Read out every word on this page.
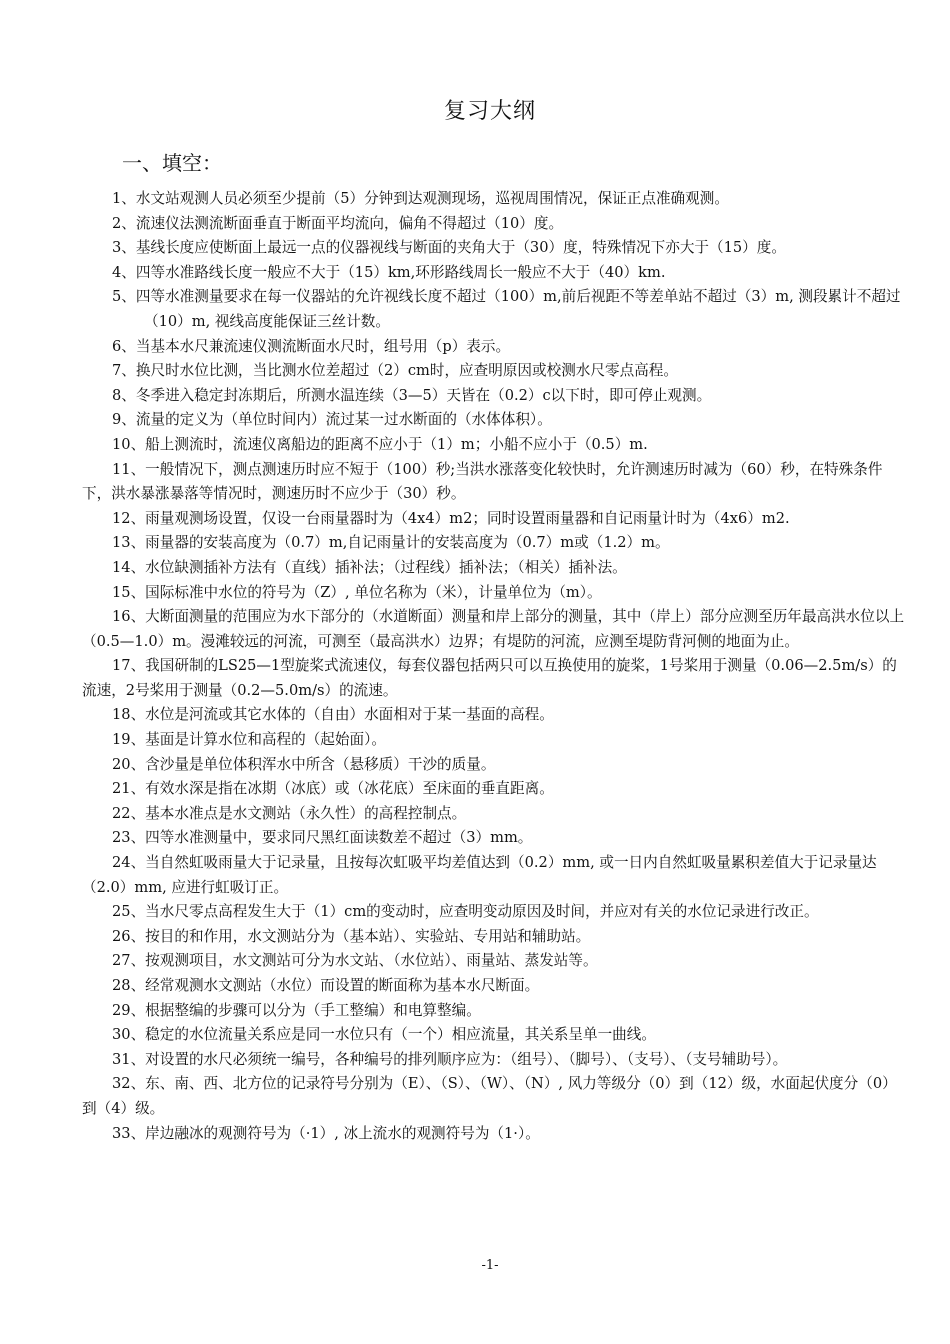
复习大纲
一、填空：

1、水文站观测人员必须至少提前（5）分钟到达观测现场，巡视周围情况，保证正点准确观测。

2、流速仪法测流断面垂直于断面平均流向，偏角不得超过（10）度。

3、基线长度应使断面上最远一点的仪器视线与断面的夹角大于（30）度，特殊情况下亦大于（15）度。

4、四等水准路线长度一般应不大于（15）km,环形路线周长一般应不大于（40）km.

5、四等水准测量要求在每一仪器站的允许视线长度不超过（100）m,前后视距不等差单站不超过（3）m, 测段累计不超过（10）m, 视线高度能保证三丝计数。

6、当基本水尺兼流速仪测流断面水尺时，组号用（p）表示。

7、换尺时水位比测，当比测水位差超过（2）cm时，应查明原因或校测水尺零点高程。

8、冬季进入稳定封冻期后，所测水温连续（3—5）天皆在（0.2）c以下时，即可停止观测。

9、流量的定义为（单位时间内）流过某一过水断面的（水体体积）。

10、船上测流时，流速仪离船边的距离不应小于（1）m；小船不应小于（0.5）m.

11、一般情况下，测点测速历时应不短于（100）秒;当洪水涨落变化较快时，允许测速历时减为（60）秒，在特殊条件下，洪水暴涨暴落等情况时，测速历时不应少于（30）秒。

12、雨量观测场设置，仅设一台雨量器时为（4x4）m2；同时设置雨量器和自记雨量计时为（4x6）m2.

13、雨量器的安装高度为（0.7）m,自记雨量计的安装高度为（0.7）m或（1.2）m。

14、水位缺测插补方法有（直线）插补法；（过程线）插补法；（相关）插补法。

15、国际标准中水位的符号为（Z）, 单位名称为（米），计量单位为（m）。

16、大断面测量的范围应为水下部分的（水道断面）测量和岸上部分的测量，其中（岸上）部分应测至历年最高洪水位以上（0.5—1.0）m。漫滩较远的河流，可测至（最高洪水）边界；有堤防的河流，应测至堤防背河侧的地面为止。

17、我国研制的LS25—1型旋桨式流速仪，每套仪器包括两只可以互换使用的旋桨，1号桨用于测量（0.06—2.5m/s）的流速，2号桨用于测量（0.2—5.0m/s）的流速。

18、水位是河流或其它水体的（自由）水面相对于某一基面的高程。

19、基面是计算水位和高程的（起始面）。

20、含沙量是单位体积浑水中所含（悬移质）干沙的质量。

21、有效水深是指在冰期（冰底）或（冰花底）至床面的垂直距离。

22、基本水准点是水文测站（永久性）的高程控制点。

23、四等水准测量中，要求同尺黑红面读数差不超过（3）mm。

24、当自然虹吸雨量大于记录量，且按每次虹吸平均差值达到（0.2）mm, 或一日内自然虹吸量累积差值大于记录量达（2.0）mm, 应进行虹吸订正。

25、当水尺零点高程发生大于（1）cm的变动时，应查明变动原因及时间，并应对有关的水位记录进行改正。

26、按目的和作用，水文测站分为（基本站）、实验站、专用站和辅助站。

27、按观测项目，水文测站可分为水文站、（水位站）、雨量站、蒸发站等。

28、经常观测水文测站（水位）而设置的断面称为基本水尺断面。

29、根据整编的步骤可以分为（手工整编）和电算整编。

30、稳定的水位流量关系应是同一水位只有（一个）相应流量，其关系呈单一曲线。

31、对设置的水尺必须统一编号，各种编号的排列顺序应为：（组号）、（脚号）、（支号）、（支号辅助号）。

32、东、南、西、北方位的记录符号分别为（E）、（S）、（W）、（N）, 风力等级分（0）到（12）级，水面起伏度分（0）到（4）级。

33、岸边融冰的观测符号为（·1）, 冰上流水的观测符号为（1·）。

-1-
